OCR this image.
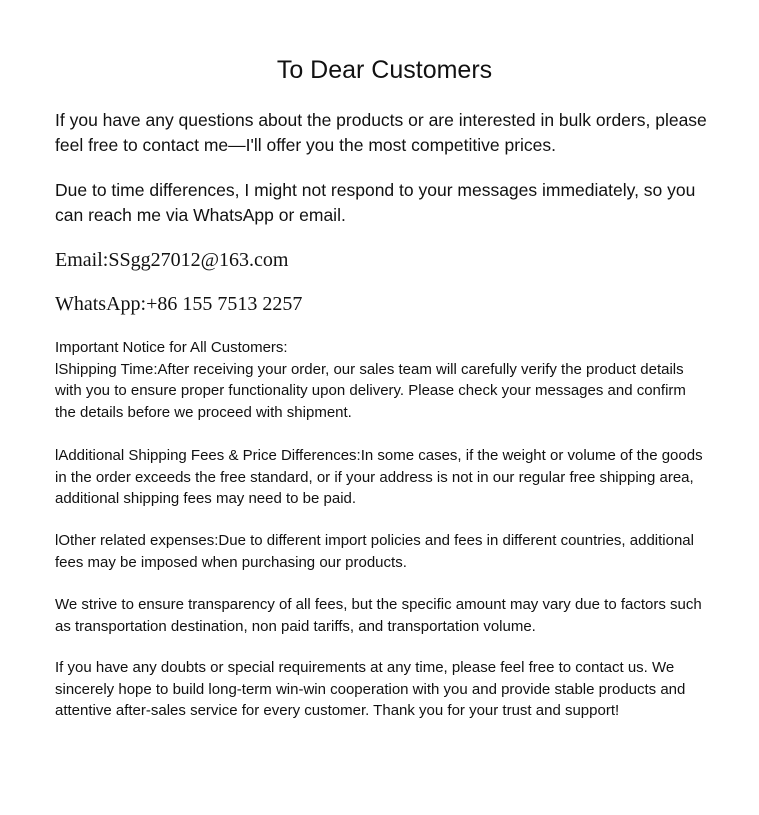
To Dear Customers
If you have any questions about the products or are interested in bulk orders, please
feel free to contact me—I'll offer you the most competitive prices.
Due to time differences, I might not respond to your messages immediately, so you
can reach me via WhatsApp or email.
Email:SSgg27012@163.com
WhatsApp:+86 155 7513 2257
Important Notice for All Customers:
lShipping Time:After receiving your order, our sales team will carefully verify the product details
with you to ensure proper functionality upon delivery. Please check your messages and confirm
the details before we proceed with shipment.
lAdditional Shipping Fees & Price Differences:In some cases, if the weight or volume of the goods
in the order exceeds the free standard, or if your address is not in our regular free shipping area,
additional shipping fees may need to be paid.
lOther related expenses:Due to different import policies and fees in different countries, additional
fees may be imposed when purchasing our products.
We strive to ensure transparency of all fees, but the specific amount may vary due to factors such
as transportation destination, non paid tariffs, and transportation volume.
If you have any doubts or special requirements at any time, please feel free to contact us. We
sincerely hope to build long-term win-win cooperation with you and provide stable products and
attentive after-sales service for every customer. Thank you for your trust and support!
